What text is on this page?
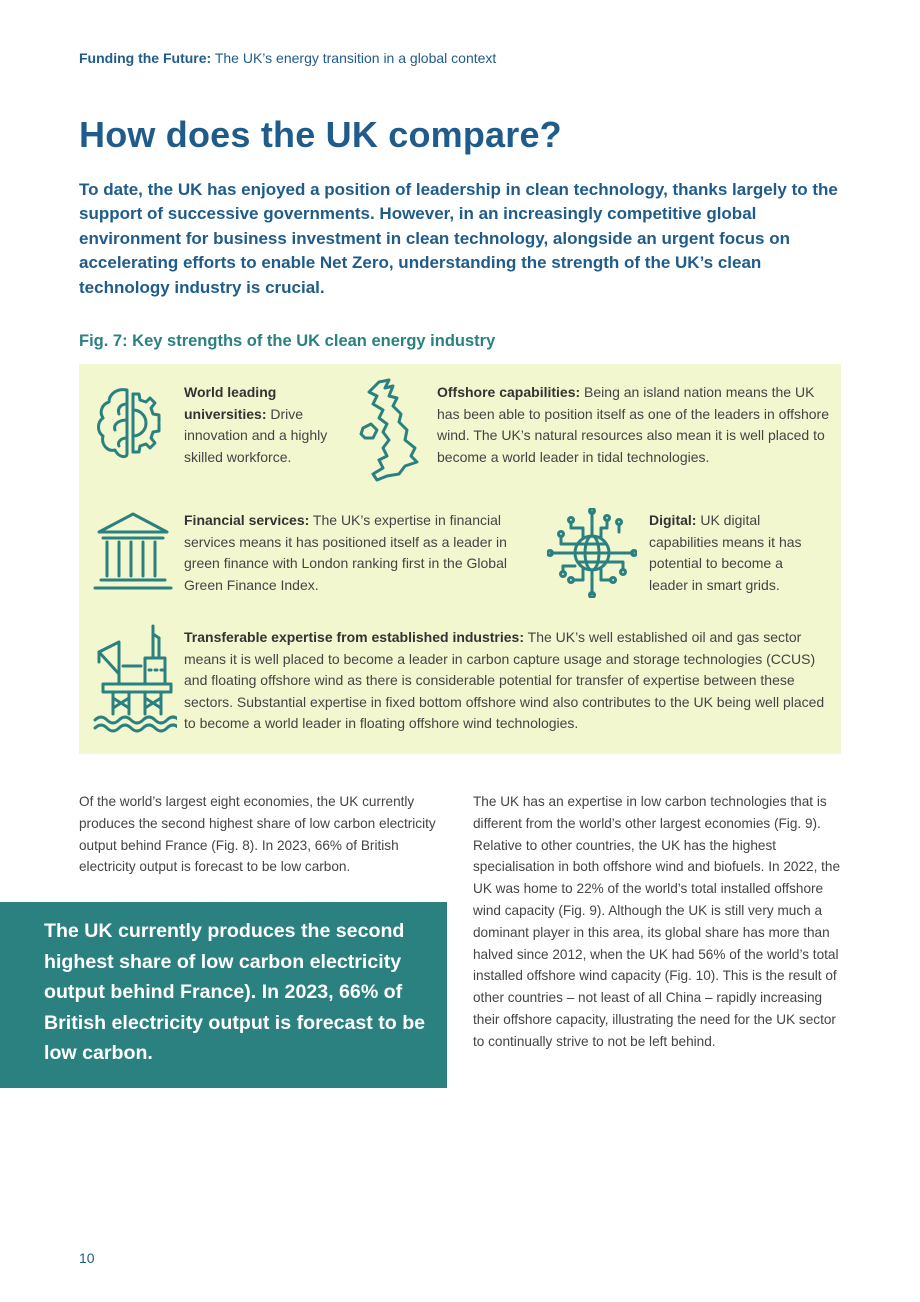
Funding the Future: The UK’s energy transition in a global context
How does the UK compare?

To date, the UK has enjoyed a position of leadership in clean technology, thanks largely to the support of successive governments. However, in an increasingly competitive global environment for business investment in clean technology, alongside an urgent focus on accelerating efforts to enable Net Zero, understanding the strength of the UK’s clean technology industry is crucial.

Fig. 7: Key strengths of the UK clean energy industry

World leading universities: Drive innovation and a highly skilled workforce.

Offshore capabilities: Being an island nation means the UK has been able to position itself as one of the leaders in offshore wind. The UK’s natural resources also mean it is well placed to become a world leader in tidal technologies.

Financial services: The UK’s expertise in financial services means it has positioned itself as a leader in green finance with London ranking first in the Global Green Finance Index.

Digital: UK digital capabilities means it has potential to become a leader in smart grids.

Transferable expertise from established industries: The UK’s well established oil and gas sector means it is well placed to become a leader in carbon capture usage and storage technologies (CCUS) and floating offshore wind as there is considerable potential for transfer of expertise between these sectors. Substantial expertise in fixed bottom offshore wind also contributes to the UK being well placed to become a world leader in floating offshore wind technologies.

Of the world’s largest eight economies, the UK currently produces the second highest share of low carbon electricity output behind France (Fig. 8). In 2023, 66% of British electricity output is forecast to be low carbon.

The UK currently produces the second highest share of low carbon electricity output behind France). In 2023, 66% of British electricity output is forecast to be low carbon.

The UK has an expertise in low carbon technologies that is different from the world’s other largest economies (Fig. 9). Relative to other countries, the UK has the highest specialisation in both offshore wind and biofuels. In 2022, the UK was home to 22% of the world’s total installed offshore wind capacity (Fig. 9). Although the UK is still very much a dominant player in this area, its global share has more than halved since 2012, when the UK had 56% of the world’s total installed offshore wind capacity (Fig. 10). This is the result of other countries – not least of all China – rapidly increasing their offshore capacity, illustrating the need for the UK sector to continually strive to not be left behind.

10
